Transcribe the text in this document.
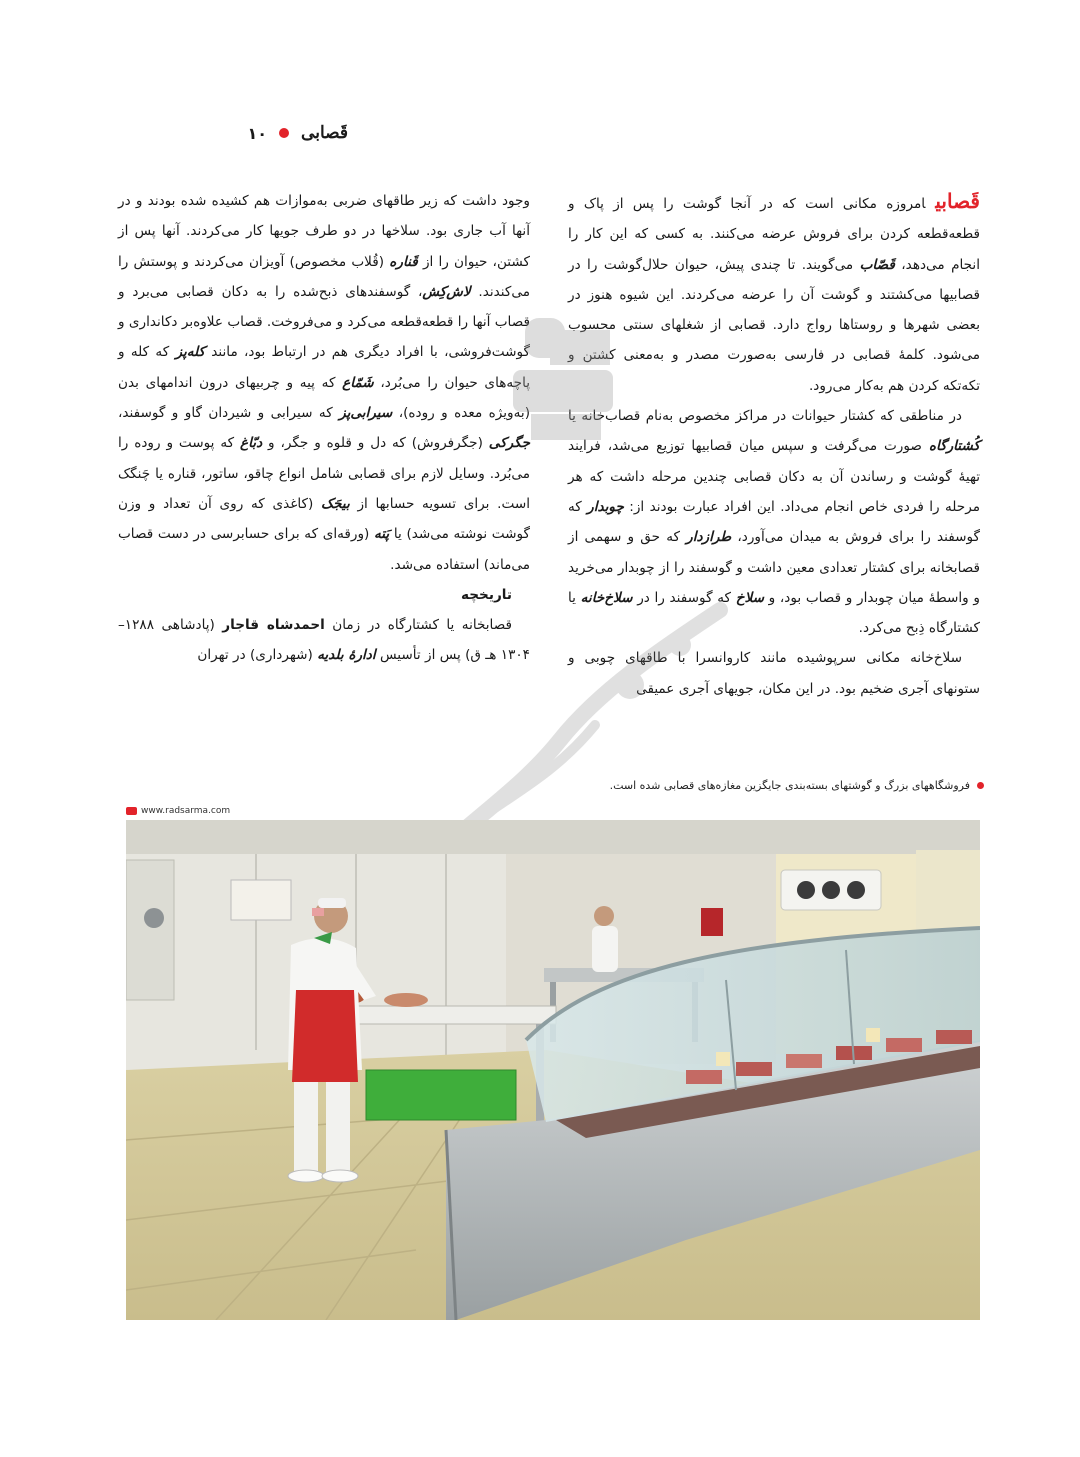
قَصابی
۱۰

قَصابیامروزه مکانی است که در آنجا گوشت را پس از پاک و قطعه‌قطعه کردن برای فروش عرضه می‌کنند. به کسی که این کار را انجام می‌دهد، قَصّاب می‌گویند. تا چندی پیش، حیوان حلال‌گوشت را در قصابیها می‌کشتند و گوشت آن را عرضه می‌کردند. این شیوه هنوز در بعضی شهرها و روستاها رواج دارد. قصابی از شغلهای سنتی محسوب می‌شود. کلمهٔ قصابی در فارسی به‌صورت مصدر و به‌معنی کشتن و تکه‌تکه کردن هم به‌کار می‌رود.

در مناطقی که کشتار حیوانات در مراکز مخصوص به‌نام قصاب‌خانه یا کُشتارگاه صورت می‌گرفت و سپس میان قصابیها توزیع می‌شد، فرایند تهیهٔ گوشت و رساندن آن به دکان قصابی چندین مرحله داشت که هر مرحله را فردی خاص انجام می‌داد. این افراد عبارت بودند از: چوبدار که گوسفند را برای فروش به میدان می‌آورد، طرازدار که حق و سهمی از قصابخانه برای کشتار تعدادی معین داشت و گوسفند را از چوبدار می‌خرید و واسطهٔ میان چوبدار و قصاب بود، و سلاخ که گوسفند را در سلاخ‌خانه یا کشتارگاه ذِبح می‌کرد.

سلاخ‌خانه مکانی سرپوشیده مانند کاروانسرا با طاقهای چوبی و ستونهای آجری ضخیم بود. در این مکان، جویهای آجری عمیقی

وجود داشت که زیر طاقهای ضربی به‌موازات هم کشیده شده بودند و در آنها آب جاری بود. سلاخها در دو طرف جویها کار می‌کردند. آنها پس از کشتن، حیوان را از قَناره (قُلاب مخصوص) آویزان می‌کردند و پوستش را می‌کندند. لاش‌کِش، گوسفندهای ذبح‌شده را به دکان قصابی می‌برد و قصاب آنها را قطعه‌قطعه می‌کرد و می‌فروخت. قصاب علاوه‌بر دکانداری و گوشت‌فروشی، با افراد دیگری هم در ارتباط بود، مانند کله‌پز که کله و پاچه‌های حیوان را می‌بُرد، شَمّاع که پیه و چربیهای درون اندامهای بدن (به‌ویژه معده و روده)، سیرابی‌پز که سیرابی و شیردان گاو و گوسفند، جگرکی (جگرفروش) که دل و قلوه و جگر، و دبّاغ که پوست و روده را می‌بُرد. وسایل لازم برای قصابی شامل انواع چاقو، ساتور، قناره یا چَنگک است. برای تسویه حسابها از بیجَک (کاغذی که روی آن تعداد و وزن گوشت نوشته می‌شد) یا پَته (ورقه‌ای که برای حسابرسی در دست قصاب می‌ماند) استفاده می‌شد.

تاریخچه

قصابخانه یا کشتارگاه در زمان احمدشاه قاجار (پادشاهی ۱۲۸۸–۱۳۰۴ هـ ق) پس از تأسیس ادارهٔ بلدیه (شهرداری) در تهران

فروشگاههای بزرگ و گوشتهای بسته‌بندی جایگزین مغازه‌های قصابی شده است.
www.radsarma.com
